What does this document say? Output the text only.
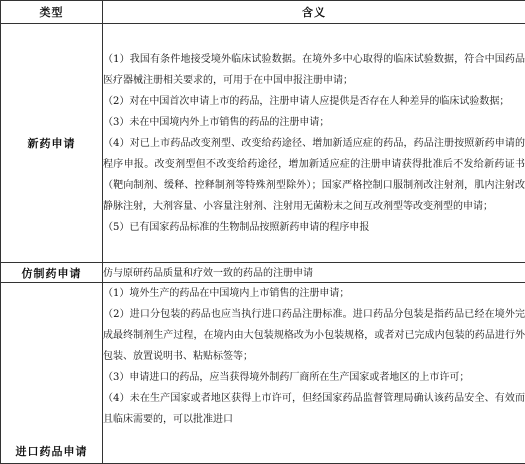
类型	含义
新药申请	（1）我国有条件地接受境外临床试验数据。在境外多中心取得的临床试验数据，符合中国药品医疗器械注册相关要求的，可用于在中国申报注册申请；

（2）对在中国首次申请上市的药品，注册申请人应提供是否存在人种差异的临床试验数据；

（3）未在中国境内外上市销售的药品的注册申请；

（4）对已上市药品改变剂型、改变给药途径、增加新适应症的药品，药品注册按照新药申请的程序申报。改变剂型但不改变给药途径，增加新适应症的注册申请获得批准后不发给新药证书（靶向制剂、缓释、控释制剂等特殊剂型除外）；国家严格控制口服制剂改注射剂，肌内注射改静脉注射，大剂容量、小容量注射剂、注射用无菌粉末之间互改剂型等改变剂型的申请；

（5）已有国家药品标准的生物制品按照新药申请的程序申报

仿制药申请	仿与原研药品质量和疗效一致的药品的注册申请

进口药品申请	（1）境外生产的药品在中国境内上市销售的注册申请；

（2）进口分包装的药品也应当执行进口药品注册标准。进口药品分包装是指药品已经在境外完成最终制剂生产过程，在境内由大包装规格改为小包装规格，或者对已完成内包装的药品进行外包装、放置说明书、粘贴标签等；

（3）申请进口的药品，应当获得境外制药厂商所在生产国家或者地区的上市许可；

（4）未在生产国家或者地区获得上市许可，但经国家药品监督管理局确认该药品安全、有效而且临床需要的，可以批准进口
